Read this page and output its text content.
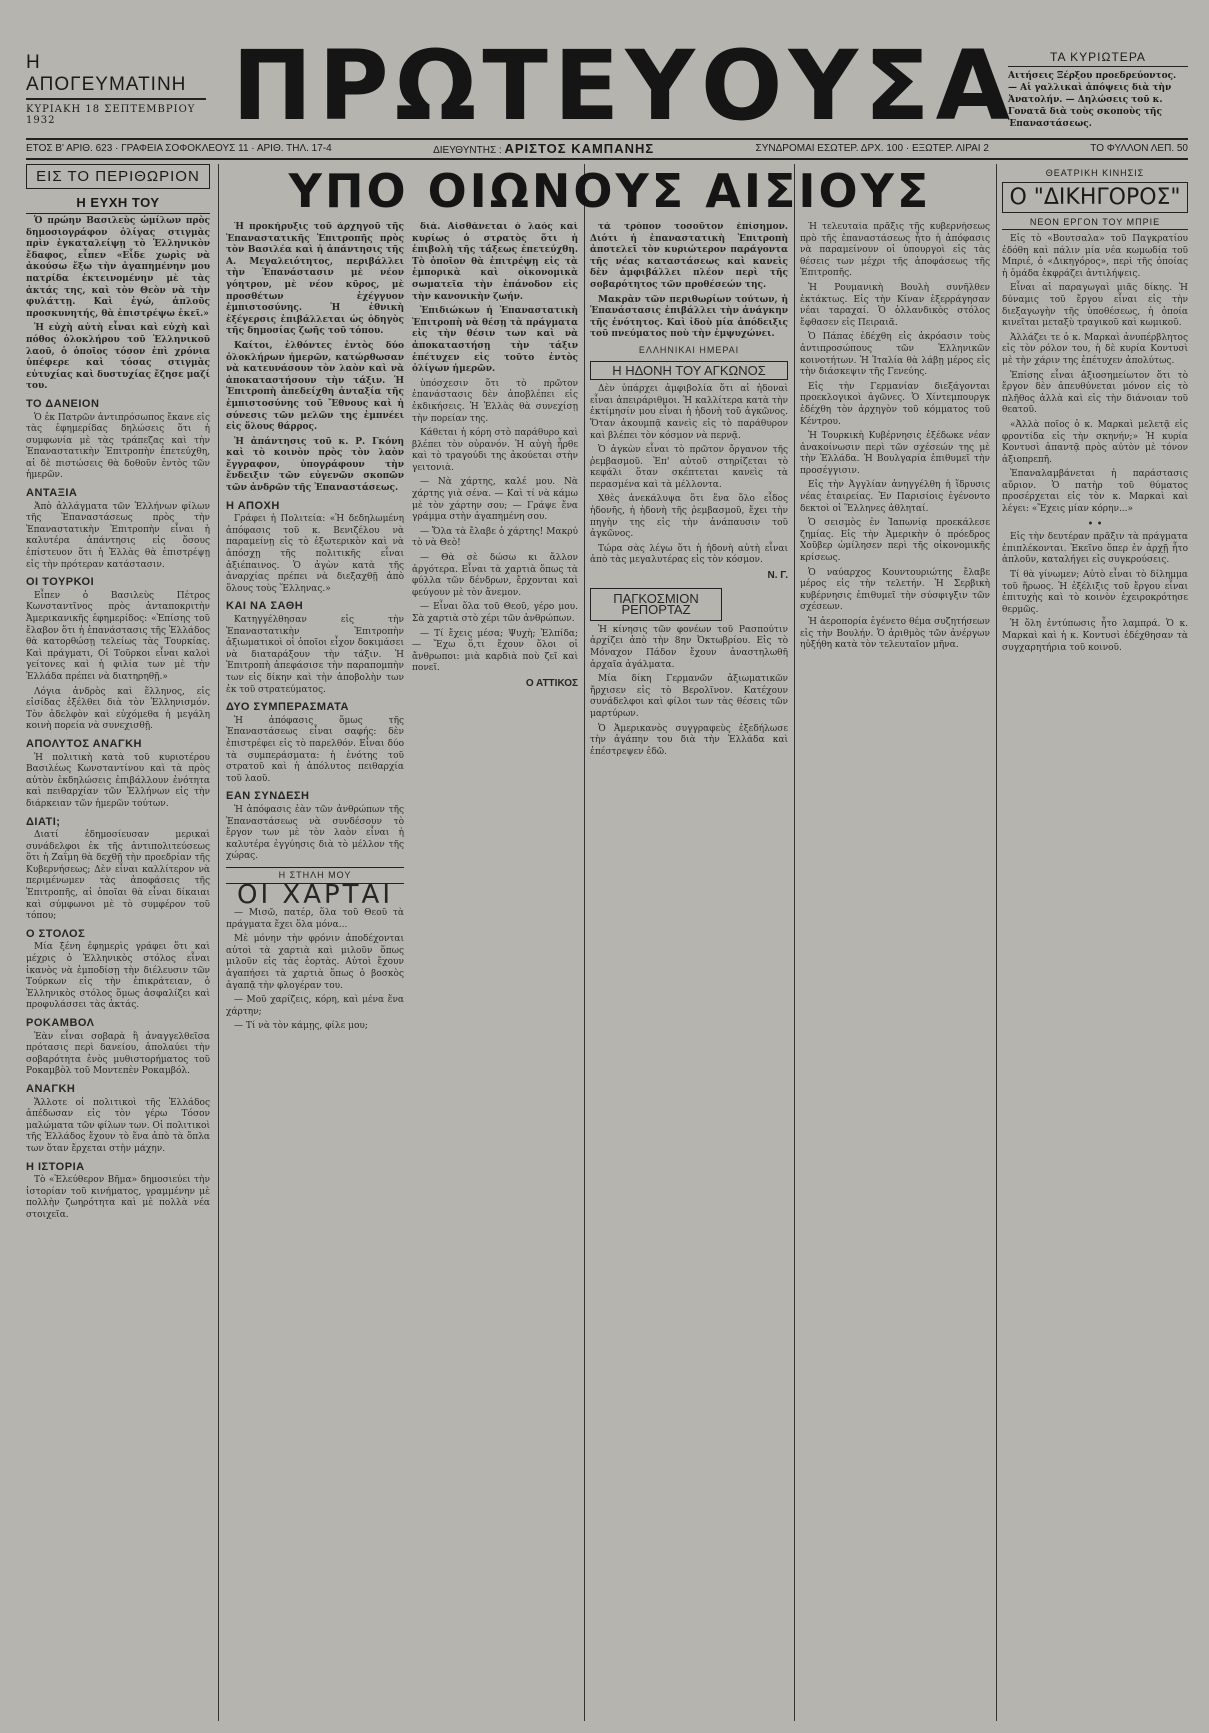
Η ΑΠΟΓΕΥΜΑΤΙΝΗ
ΚΥΡΙΑΚΗ 18 ΣΕΠΤΕΜΒΡΙΟΥ 1932	ΠΡΩΤΕΥΟΥΣΑ	ΤΑ ΚΥΡΙΩΤΕΡΑ
Αιτήσεις Ξέρξου προεδρεύοντος. — Αἱ γαλλικαὶ ἀπόψεις διὰ τὴν Ἀνατολήν. — Δηλώσεις τοῦ κ. Γονατᾶ διὰ τοὺς σκοποὺς τῆς Ἐπαναστάσεως.
ΕΤΟΣ Β' ΑΡΙΘ. 623 · ΓΡΑΦΕΙΑ ΣΟΦΟΚΛΕΟΥΣ 11 · ΑΡΙΘ. ΤΗΛ. 17-4	ΔΙΕΥΘΥΝΤΗΣ : ΑΡΙΣΤΟΣ ΚΑΜΠΑΝΗΣ	ΣΥΝΔΡΟΜΑΙ ΕΣΩΤΕΡ. ΔΡΧ. 100 · ΕΞΩΤΕΡ. ΛΙΡΑΙ 2	ΤΟ ΦΥΛΛΟΝ ΛΕΠ. 50
ΕΙΣ ΤΟ ΠΕΡΙΘΩΡΙΟΝ
Η ΕΥΧΗ ΤΟΥ

Ὁ πρώην Βασιλεὺς ὡμίλων πρὸς δημοσιογράφον ὀλίγας στιγμὰς πρὶν ἐγκαταλείψῃ τὸ Ἑλληνικὸν ἔδαφος, εἶπεν «Εἶδε χωρὶς νὰ ἀκούσω ἔξω τὴν ἀγαπημένην μου πατρίδα ἐκτεινομένην μὲ τὰς ἀκτάς της, καὶ τὸν Θεὸν νὰ τὴν φυλάττῃ. Καὶ ἐγώ, ἁπλοῦς προσκυνητής, θὰ ἐπιστρέψω ἐκεῖ.»

Ἡ εὐχὴ αὐτὴ εἶναι καὶ εὐχὴ καὶ πόθος ὁλοκλήρου τοῦ Ἑλληνικοῦ λαοῦ, ὁ ὁποῖος τόσον ἐπὶ χρόνια ὑπέφερε καὶ τόσας στιγμὰς εὐτυχίας καὶ δυστυχίας ἔζησε μαζί του.

ΤΟ ΔΑΝΕΙΟΝ

Ὁ ἐκ Πατρῶν ἀντιπρόσωπος ἔκανε εἰς τὰς ἐφημερίδας δηλώσεις ὅτι ἡ συμφωνία μὲ τὰς τράπεζας καὶ τὴν Ἐπαναστατικὴν Ἐπιτροπὴν ἐπετεύχθη, αἱ δὲ πιστώσεις θὰ δοθοῦν ἐντὸς τῶν ἡμερῶν.

ΑΝΤΑΞΙΑ

Ἀπὸ ἀλλάγματα τῶν Ἑλλήνων φίλων τῆς Ἐπαναστάσεως πρὸς τὴν Ἐπαναστατικὴν Ἐπιτροπὴν εἶναι ἡ καλυτέρα ἀπάντησις εἰς ὅσους ἐπίστευον ὅτι ἡ Ἑλλὰς θὰ ἐπιστρέψῃ εἰς τὴν πρότεραν κατάστασιν.

ΟΙ ΤΟΥΡΚΟΙ

Εἶπεν ὁ Βασιλεὺς Πέτρος Κωνσταντῖνος πρὸς ἀνταποκριτὴν Ἀμερικανικῆς ἐφημερίδος: «Ἐπίσης τοῦ ἔλαβον ὅτι ἡ ἐπανάστασις τῆς Ἑλλάδος θὰ κατορθώσῃ τελείως τὰς Τουρκίας. Καὶ πράγματι, Οἱ Τοῦρκοι εἶναι καλοὶ γείτονες καὶ ἡ φιλία των μὲ τὴν Ἑλλάδα πρέπει νὰ διατηρηθῇ.»

Λόγια ἀνδρὸς καὶ ἕλληνος, εἰς εἰσίδας ἐξέλθει διὰ τὸν Ἑλληνισμόν. Τὸν ἀδελφὸν καὶ εὐχόμεθα ἡ μεγάλη κοινὴ πορεία νὰ συνεχισθῇ.

ΑΠΟΛΥΤΟΣ ΑΝΑΓΚΗ

Ἡ πολιτικὴ κατὰ τοῦ κυριοτέρου Βασιλέως Κωνσταντίνου καὶ τὰ πρὸς αὐτὸν ἐκδηλώσεις ἐπιβάλλουν ἐνότητα καὶ πειθαρχίαν τῶν Ἑλλήνων εἰς τὴν διάρκειαν τῶν ἡμερῶν τούτων.

ΔΙΑΤΙ;

Διατί ἐδημοσίευσαν μερικαὶ συνάδελφοι ἐκ τῆς ἀντιπολιτεύσεως ὅτι ἡ Ζαΐμη θὰ δεχθῇ τὴν προεδρίαν τῆς Κυβερνήσεως; Δὲν εἶναι καλλίτερον νὰ περιμένωμεν τὰς ἀποφάσεις τῆς Ἐπιτροπῆς, αἱ ὁποῖαι θὰ εἶναι δίκαιαι καὶ σύμφωνοι μὲ τὸ συμφέρον τοῦ τόπου;

Ο ΣΤΟΛΟΣ

Μία ξένη ἐφημερὶς γράφει ὅτι καὶ μέχρις ὁ Ἑλληνικὸς στόλος εἶναι ἱκανὸς νὰ ἐμποδίσῃ τὴν διέλευσιν τῶν Τούρκων εἰς τὴν ἐπικράτειαν, ὁ Ἑλληνικὸς στόλος ὅμως ἀσφαλίζει καὶ προφυλάσσει τὰς ἀκτάς.

ΡΟΚΑΜΒΟΛ

Ἐὰν εἶναι σοβαρὰ ἢ ἀναγγελθεῖσα πρότασις περὶ δανείου, ἀπολαύει τὴν σοβαρότητα ἑνὸς μυθιστορήματος τοῦ Ροκαμβὸλ τοῦ Μοντεπὲν Ροκαμβόλ.

ΑΝΑΓΚΗ

Ἄλλοτε οἱ πολιτικοὶ τῆς Ἑλλάδος ἀπέδωσαν εἰς τὸν γέρω Τόσον μαλώματα τῶν φίλων των. Οἱ πολιτικοὶ τῆς Ἑλλάδος ἔχουν τὸ ἕνα ἀπὸ τὰ ὅπλα των ὅταν ἔρχεται στὴν μάχην.

Η ΙΣΤΟΡΙΑ

Τὸ «Ἐλεύθερον Βῆμα» δημοσιεύει τὴν ἱστορίαν τοῦ κινήματος, γραμμένην μὲ πολλὴν ζωηρότητα καὶ μὲ πολλὰ νέα στοιχεῖα.

ΥΠΟ ΟΙΩΝΟΥΣ ΑΙΣΙΟΥΣ

Ἡ προκήρυξις τοῦ ἀρχηγοῦ τῆς Ἐπαναστατικῆς Ἐπιτροπῆς πρὸς τὸν Βασιλέα καὶ ἡ ἀπάντησις τῆς Α. Μεγαλειότητος, περιβάλλει τὴν Ἐπανάστασιν μὲ νέον γόητρον, μὲ νέον κῦρος, μὲ προσθέτων ἐχέγγυον ἐμπιστοσύνης. Ἡ ἐθνικὴ ἐξέγερσις ἐπιβάλλεται ὡς ὁδηγὸς τῆς δημοσίας ζωῆς τοῦ τόπου.

Καίτοι, ἐλθόντες ἐντὸς δύο ὁλοκλήρων ἡμερῶν, κατώρθωσαν νὰ κατευνάσουν τὸν λαὸν καὶ νὰ ἀποκαταστήσουν τὴν τάξιν. Ἡ Ἐπιτροπὴ ἀπεδείχθη ἀνταξία τῆς ἐμπιστοσύνης τοῦ Ἔθνους καὶ ἡ σύνεσις τῶν μελῶν της ἐμπνέει εἰς ὅλους θάρρος.

Ἡ ἀπάντησις τοῦ κ. Ρ. Γκόνη καὶ τὸ κοινὸν πρὸς τὸν λαὸν ἔγγραφον, ὑπογράφουν τὴν ἔνδειξιν τῶν εὐγενῶν σκοπῶν τῶν ἀνδρῶν τῆς Ἐπαναστάσεως.

Η ΑΠΟΧΗ

Γράφει ἡ Πολιτεία: «Ἡ δεδηλωμένη ἀπόφασις τοῦ κ. Βενιζέλου νὰ παραμείνῃ εἰς τὸ ἐξωτερικὸν καὶ νὰ ἀπόσχῃ τῆς πολιτικῆς εἶναι ἀξιέπαινος. Ὁ ἀγὼν κατὰ τῆς ἀναρχίας πρέπει νὰ διεξαχθῇ ἀπὸ ὅλους τοὺς Ἕλληνας.»

ΚΑΙ ΝΑ ΣΑΘΗ

Κατηγγέλθησαν εἰς τὴν Ἐπαναστατικὴν Ἐπιτροπὴν ἀξιωματικοὶ οἱ ὁποῖοι εἶχον δοκιμάσει νὰ διαταράξουν τὴν τάξιν. Ἡ Ἐπιτροπὴ ἀπεφάσισε τὴν παραπομπὴν των εἰς δίκην καὶ τὴν ἀποβολὴν των ἐκ τοῦ στρατεύματος.

ΔΥΟ ΣΥΜΠΕΡΑΣΜΑΤΑ

Ἡ ἀπόφασις ὅμως τῆς Ἐπαναστάσεως εἶναι σαφής: δὲν ἐπιστρέφει εἰς τὸ παρελθόν. Εἶναι δύο τὰ συμπεράσματα: ἡ ἑνότης τοῦ στρατοῦ καὶ ἡ ἀπόλυτος πειθαρχία τοῦ λαοῦ.

ΕΑΝ ΣΥΝΔΕΣΗ

Ἡ ἀπόφασις ἐὰν τῶν ἀνθρώπων τῆς Ἐπαναστάσεως νὰ συνδέσουν τὸ ἔργον των μὲ τὸν λαὸν εἶναι ἡ καλυτέρα ἐγγύησις διὰ τὸ μέλλον τῆς χώρας.

Η ΣΤΗΛΗ ΜΟΥ
ΟΙ ΧΑΡΤΑΙ

— Μισῶ, πατέρ, ὅλα τοῦ Θεοῦ τὰ πράγματα ἔχει ὅλα μόνα...

Μὲ μόνην τὴν φρόνιν ἀποδέχονται αὐτοὶ τὰ χαρτιὰ καὶ μιλοῦν ὅπως μιλοῦν εἰς τὰς ἑορτὰς. Αὐτοὶ ἔχουν ἀγαπήσει τὰ χαρτιὰ ὅπως ὁ βοσκὸς ἀγαπᾷ τὴν φλογέραν του.

— Μοῦ χαρίζεις, κόρη, καὶ μένα ἕνα χάρτην;

— Τί νὰ τὸν κάμῃς, φίλε μου;

διὰ. Αἰσθάνεται ὁ λαὸς καὶ κυρίως ὁ στρατὸς ὅτι ἡ ἐπιβολὴ τῆς τάξεως ἐπετεύχθη. Τὸ ὁποῖον θὰ ἐπιτρέψῃ εἰς τὰ ἐμπορικὰ καὶ οἰκονομικὰ σωματεῖα τὴν ἐπάνοδον εἰς τὴν κανονικὴν ζωήν.

Ἐπιδιώκων ἡ Ἐπαναστατικὴ Ἐπιτροπὴ νὰ θέσῃ τὰ πράγματα εἰς τὴν θέσιν των καὶ νὰ ἀποκαταστήσῃ τὴν τάξιν ἐπέτυχεν εἰς τοῦτο ἐντὸς ὀλίγων ἡμερῶν.

ὑπόσχεσιν ὅτι τὸ πρῶτον ἐπανάστασις δὲν ἀποβλέπει εἰς ἐκδικήσεις. Ἡ Ἑλλὰς θὰ συνεχίσῃ τὴν πορείαν της.

Κάθεται ἡ κόρη στὸ παράθυρο καὶ βλέπει τὸν οὐρανόν. Ἡ αὐγὴ ἦρθε καὶ τὸ τραγούδι της ἀκούεται στὴν γειτονιὰ.

— Νὰ χάρτης, καλέ μου. Νὰ χάρτης γιὰ σένα. — Καὶ τί νὰ κάμω μὲ τὸν χάρτην σου; — Γράψε ἕνα γράμμα στὴν ἀγαπημένη σου.

— Ὄλα τὰ ἔλαβε ὁ χάρτης! Μακρύ τὸ νὰ Θεὸ!

— Θὰ σὲ δώσω κι ἄλλον ἀργότερα. Εἶναι τὰ χαρτιὰ ὅπως τὰ φύλλα τῶν δένδρων, ἔρχονται καὶ φεύγουν μὲ τὸν ἄνεμον.

— Εἶναι ὅλα τοῦ Θεοῦ, γέρο μου. Σὰ χαρτιὰ στὸ χέρι τῶν ἀνθρώπων.

— Τί ἔχεις μέσα; Ψυχὴ; Ἐλπίδα; — Ἔχω ὅ,τι ἔχουν ὅλοι οἱ ἄνθρωποι: μιὰ καρδιὰ ποὺ ζεῖ καὶ πονεῖ.

Ο ΑΤΤΙΚΟΣ

τὰ τρόπον τοσοῦτον ἐπίσημον. Διότι ἡ ἐπαναστατικὴ Ἐπιτροπὴ ἀποτελεῖ τὸν κυριώτερον παράγοντα τῆς νέας καταστάσεως καὶ κανεὶς δὲν ἀμφιβάλλει πλέον περὶ τῆς σοβαρότητος τῶν προθέσεών της.

Μακρὰν τῶν περιθωρίων τούτων, ἡ Ἐπανάστασις ἐπιβάλλει τὴν ἀνάγκην τῆς ἑνότητος. Καὶ ἰδοὺ μία ἀπόδειξις τοῦ πνεύματος ποὺ τὴν ἐμψυχώνει.

ΕΛΛΗΝΙΚΑΙ ΗΜΕΡΑΙ
Η ΗΔΟΝΗ ΤΟΥ ΑΓΚΩΝΟΣ

Δὲν ὑπάρχει ἀμφιβολία ὅτι αἱ ἡδοναὶ εἶναι ἀπειράριθμοι. Ἡ καλλίτερα κατὰ τὴν ἐκτίμησίν μου εἶναι ἡ ἡδονὴ τοῦ ἀγκῶνος. Ὅταν ἀκουμπᾷ κανεὶς εἰς τὸ παράθυρον καὶ βλέπει τὸν κόσμον νὰ περνᾷ.

Ὁ ἀγκὼν εἶναι τὸ πρῶτον ὄργανον τῆς ῥεμβασμοῦ. Ἐπ' αὐτοῦ στηρίζεται τὸ κεφάλι ὅταν σκέπτεται κανεὶς τὰ περασμένα καὶ τὰ μέλλοντα.

Χθὲς ἀνεκάλυψα ὅτι ἕνα ὅλο εἶδος ἡδονῆς, ἡ ἡδονὴ τῆς ῥεμβασμοῦ, ἔχει τὴν πηγὴν της εἰς τὴν ἀνάπαυσιν τοῦ ἀγκῶνος.

Τώρα σὰς λέγω ὅτι ἡ ἡδονὴ αὐτὴ εἶναι ἀπὸ τὰς μεγαλυτέρας εἰς τὸν κόσμον.

Ν. Γ.
ΠΑΓΚΟΣΜΙΟΝ ΡΕΠΟΡΤΑΖ

Ἡ κίνησις τῶν φονέων τοῦ Ρασπούτιν ἀρχίζει ἀπὸ τὴν 8ην Ὀκτωβρίου. Εἰς τὸ Μόναχον Πάδον ἔχουν ἀναστηλωθῆ ἀρχαῖα ἀγάλματα.

Μία δίκη Γερμανῶν ἀξιωματικῶν ἤρχισεν εἰς τὸ Βερολῖνον. Κατέχουν συνάδελφοι καὶ φίλοι των τὰς θέσεις τῶν μαρτύρων.

Ὁ Ἀμερικανὸς συγγραφεὺς ἐξεδήλωσε τὴν ἀγάπην του διὰ τὴν Ἑλλάδα καὶ ἐπέστρεψεν ἐδῶ.

Ἡ τελευταία πρᾶξις τῆς κυβερνήσεως πρὸ τῆς ἐπαναστάσεως ἦτο ἡ ἀπόφασις νὰ παραμείνουν οἱ ὑπουργοὶ εἰς τὰς θέσεις των μέχρι τῆς ἀποφάσεως τῆς Ἐπιτροπῆς.

Ἡ Ρουμανικὴ Βουλὴ συνῆλθεν ἐκτάκτως. Εἰς τὴν Κίναν ἐξερράγησαν νέαι ταραχαί. Ὁ ὁλλανδικὸς στόλος ἔφθασεν εἰς Πειραιᾶ.

Ὁ Πάπας ἐδέχθη εἰς ἀκρόασιν τοὺς ἀντιπροσώπους τῶν Ἑλληνικῶν κοινοτήτων. Ἡ Ἰταλία θὰ λάβῃ μέρος εἰς τὴν διάσκεψιν τῆς Γενεύης.

Εἰς τὴν Γερμανίαν διεξάγονται προεκλογικοὶ ἀγῶνες. Ὁ Χίντεμπουργκ ἐδέχθη τὸν ἀρχηγὸν τοῦ κόμματος τοῦ Κέντρου.

Ἡ Τουρκικὴ Κυβέρνησις ἐξέδωκε νέαν ἀνακοίνωσιν περὶ τῶν σχέσεών της μὲ τὴν Ἑλλάδα. Ἡ Βουλγαρία ἐπιθυμεῖ τὴν προσέγγισιν.

Εἰς τὴν Ἀγγλίαν ἀνηγγέλθη ἡ ἵδρυσις νέας ἑταιρείας. Ἐν Παρισίοις ἐγένοντο δεκτοὶ οἱ Ἕλληνες ἀθληταί.

Ὁ σεισμὸς ἐν Ἰαπωνίᾳ προεκάλεσε ζημίας. Εἰς τὴν Ἀμερικὴν ὁ πρόεδρος Χοῦβερ ὡμίλησεν περὶ τῆς οἰκονομικῆς κρίσεως.

Ὁ ναύαρχος Κουντουριώτης ἔλαβε μέρος εἰς τὴν τελετήν. Ἡ Σερβικὴ κυβέρνησις ἐπιθυμεῖ τὴν σύσφιγξιν τῶν σχέσεων.

Ἡ ἀεροπορία ἐγένετο θέμα συζητήσεων εἰς τὴν Βουλήν. Ὁ ἀριθμὸς τῶν ἀνέργων ηὐξήθη κατὰ τὸν τελευταῖον μῆνα.

ΘΕΑΤΡΙΚΗ ΚΙΝΗΣΙΣ
Ο "ΔΙΚΗΓΟΡΟΣ"
ΝΕΟΝ ΕΡΓΟΝ ΤΟΥ ΜΠΡΙΕ

Εἰς τὸ «Βουτσαλα» τοῦ Παγκρατίου ἐδόθη καὶ πάλιν μία νέα κωμωδία τοῦ Μπριέ, ὁ «Δικηγόρος», περὶ τῆς ὁποίας ἡ ὁμάδα ἐκφράζει ἀντιλήψεις.

Εἶναι αἱ παραγωγαὶ μιᾶς δίκης. Ἡ δύναμις τοῦ ἔργου εἶναι εἰς τὴν διεξαγωγὴν τῆς ὑποθέσεως, ἡ ὁποία κινεῖται μεταξὺ τραγικοῦ καὶ κωμικοῦ.

Ἀλλάζει τε ὁ κ. Μαρκαὶ ἀνυπέρβλητος εἰς τὸν ρόλον του, ἡ δὲ κυρία Κοντυσὶ μὲ τὴν χάριν της ἐπέτυχεν ἀπολύτως.

Ἐπίσης εἶναι ἀξιοσημείωτον ὅτι τὸ ἔργον δὲν ἀπευθύνεται μόνον εἰς τὸ πλῆθος ἀλλὰ καὶ εἰς τὴν διάνοιαν τοῦ θεατοῦ.

«Ἀλλὰ ποῖος ὁ κ. Μαρκαὶ μελετᾷ εἰς φροντίδα εἰς τὴν σκηνήν;» Ἡ κυρία Κοντυσὶ ἀπαντᾷ πρὸς αὐτὸν μὲ τόνον ἀξιοπρεπῆ.

Ἐπαναλαμβάνεται ἡ παράστασις αὔριον. Ὁ πατὴρ τοῦ θύματος προσέρχεται εἰς τὸν κ. Μαρκαὶ καὶ λέγει: «Ἔχεις μίαν κόρην...»

• •

Εἰς τὴν δευτέραν πρᾶξιν τὰ πράγματα ἐπιπλέκονται. Ἐκεῖνο ὅπερ ἐν ἀρχῇ ἦτο ἁπλοῦν, καταλήγει εἰς συγκρούσεις.

Τί θὰ γίνωμεν; Αὐτὸ εἶναι τὸ δίλημμα τοῦ ἥρωος. Ἡ ἐξέλιξις τοῦ ἔργου εἶναι ἐπιτυχὴς καὶ τὸ κοινὸν ἐχειροκρότησε θερμῶς.

Ἡ ὅλη ἐντύπωσις ἦτο λαμπρά. Ὁ κ. Μαρκαὶ καὶ ἡ κ. Κοντυσὶ ἐδέχθησαν τὰ συγχαρητήρια τοῦ κοινοῦ.
